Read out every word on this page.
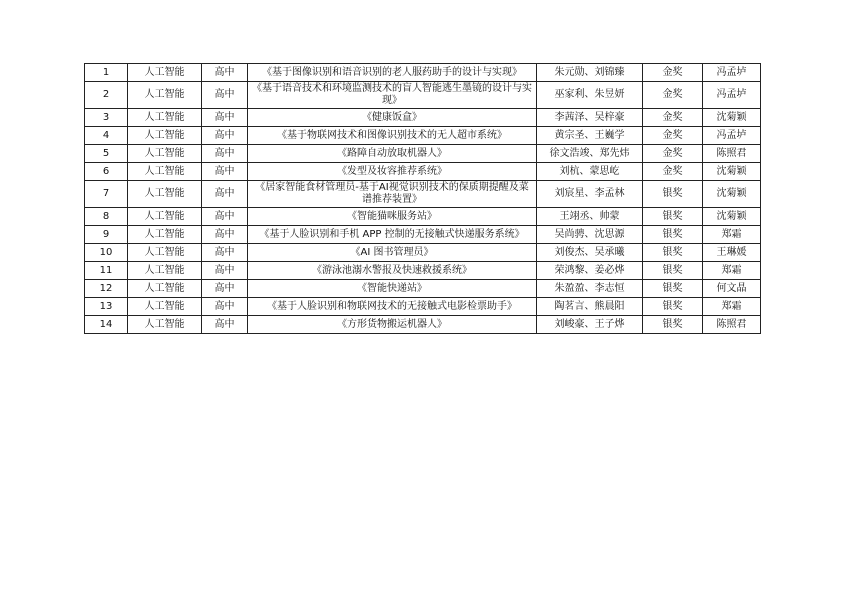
1	人工智能	高中	《基于图像识别和语音识别的老人服药助手的设计与实现》	朱元勋、刘锦臻	金奖	冯孟垆
2	人工智能	高中	《基于语音技术和环境监测技术的盲人智能逃生墨镜的设计与实现》	巫家利、朱昱妍	金奖	冯孟垆
3	人工智能	高中	《健康饭盒》	李茜泽、吴梓豪	金奖	沈菊颖
4	人工智能	高中	《基于物联网技术和图像识别技术的无人超市系统》	黄宗圣、王巍学	金奖	冯孟垆
5	人工智能	高中	《路障自动放取机器人》	徐文浩竣、郑先炜	金奖	陈照君
6	人工智能	高中	《发型及妆容推荐系统》	刘杭、蒙思屹	金奖	沈菊颖
7	人工智能	高中	《居家智能食材管理员-基于AI视觉识别技术的保质期提醒及菜谱推荐装置》	刘宸星、李孟林	银奖	沈菊颖
8	人工智能	高中	《智能猫咪服务站》	王翊丞、帅蒙	银奖	沈菊颖
9	人工智能	高中	《基于人脸识别和手机 APP 控制的无接触式快递服务系统》	吴尚骋、沈思源	银奖	郑霜
10	人工智能	高中	《AI 图书管理员》	刘俊杰、吴承曦	银奖	王琳媛
11	人工智能	高中	《游泳池溺水警报及快速救援系统》	荣鸿黎、姜必烨	银奖	郑霜
12	人工智能	高中	《智能快递站》	朱盈盈、李志恒	银奖	何文晶
13	人工智能	高中	《基于人脸识别和物联网技术的无接触式电影检票助手》	陶茗言、熊晨阳	银奖	郑霜
14	人工智能	高中	《方形货物搬运机器人》	刘峻豪、王子烨	银奖	陈照君
